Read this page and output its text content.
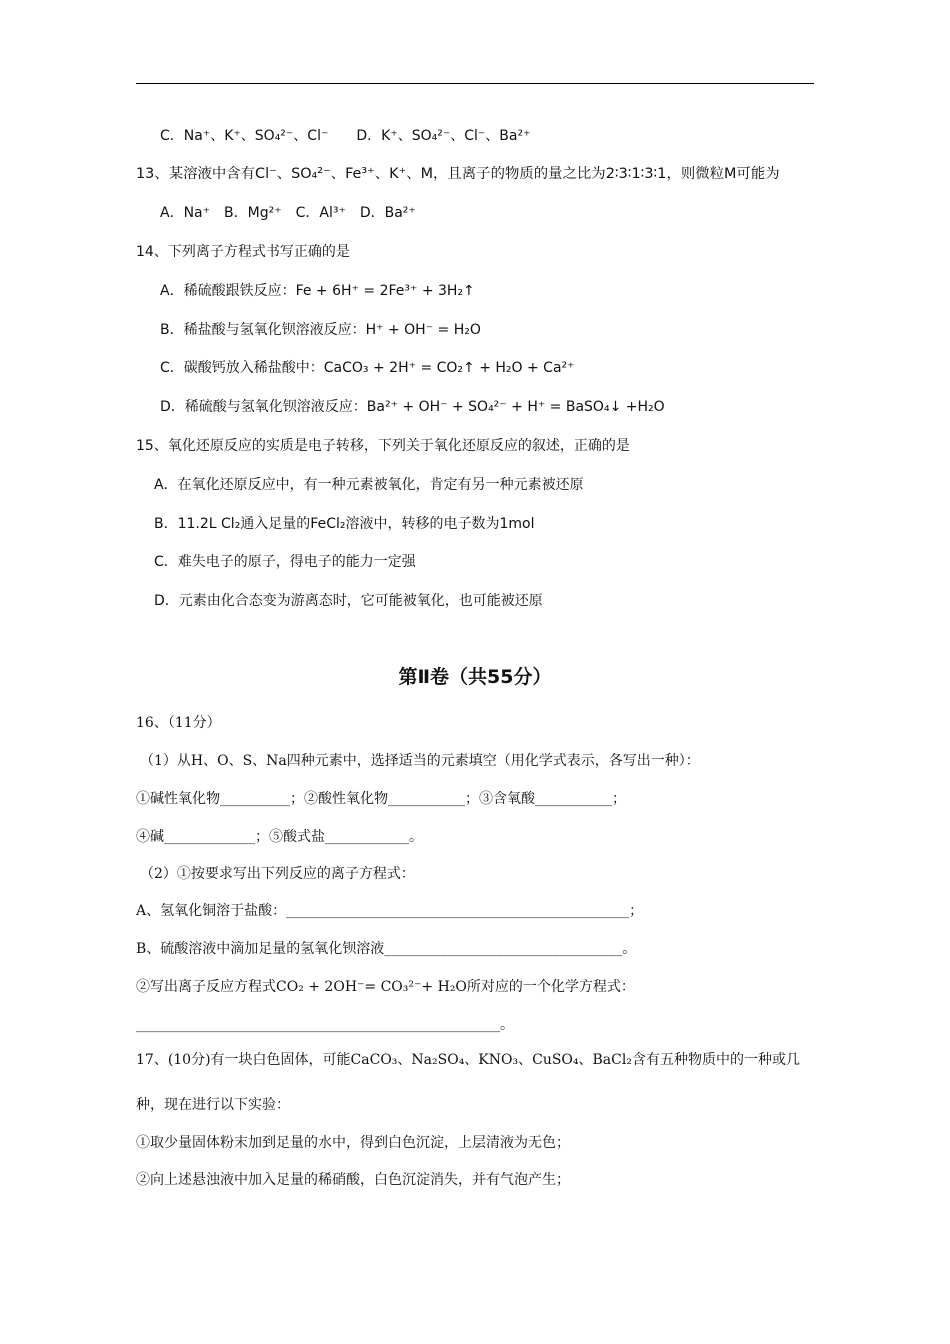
C．Na⁺、K⁺、SO₄²⁻、Cl⁻　　D．K⁺、SO₄²⁻、Cl⁻、Ba²⁺
13、某溶液中含有Cl⁻、SO₄²⁻、Fe³⁺、K⁺、M，且离子的物质的量之比为2∶3∶1∶3∶1，则微粒M可能为
A．Na⁺　B．Mg²⁺　C．Al³⁺　D．Ba²⁺
14、下列离子方程式书写正确的是
A．稀硫酸跟铁反应：Fe + 6H⁺ = 2Fe³⁺ + 3H₂↑
B．稀盐酸与氢氧化钡溶液反应：H⁺ + OH⁻ = H₂O
C．碳酸钙放入稀盐酸中：CaCO₃ + 2H⁺ = CO₂↑ + H₂O + Ca²⁺
D．稀硫酸与氢氧化钡溶液反应：Ba²⁺ + OH⁻ + SO₄²⁻ + H⁺ = BaSO₄↓ +H₂O
15、氧化还原反应的实质是电子转移，下列关于氧化还原反应的叙述，正确的是
A．在氧化还原反应中，有一种元素被氧化，肯定有另一种元素被还原
B．11.2L Cl₂通入足量的FeCl₂溶液中，转移的电子数为1mol
C．难失电子的原子，得电子的能力一定强
D．元素由化合态变为游离态时，它可能被氧化，也可能被还原
第Ⅱ卷（共55分）
16、（11分）
（1）从H、O、S、Na四种元素中，选择适当的元素填空（用化学式表示，各写出一种）：
①碱性氧化物__________；②酸性氧化物___________；③含氧酸___________；
④碱_____________；⑤酸式盐____________。
（2）①按要求写出下列反应的离子方程式：
A、氢氧化铜溶于盐酸：_________________________________________________；
B、硫酸溶液中滴加足量的氢氧化钡溶液__________________________________。
②写出离子反应方程式CO₂ + 2OH⁻= CO₃²⁻+ H₂O所对应的一个化学方程式：
____________________________________________________。
17、(10分)有一块白色固体，可能CaCO₃、Na₂SO₄、KNO₃、CuSO₄、BaCl₂含有五种物质中的一种或几
种，现在进行以下实验：
①取少量固体粉末加到足量的水中，得到白色沉淀，上层清液为无色；
②向上述悬浊液中加入足量的稀硝酸，白色沉淀消失，并有气泡产生；
